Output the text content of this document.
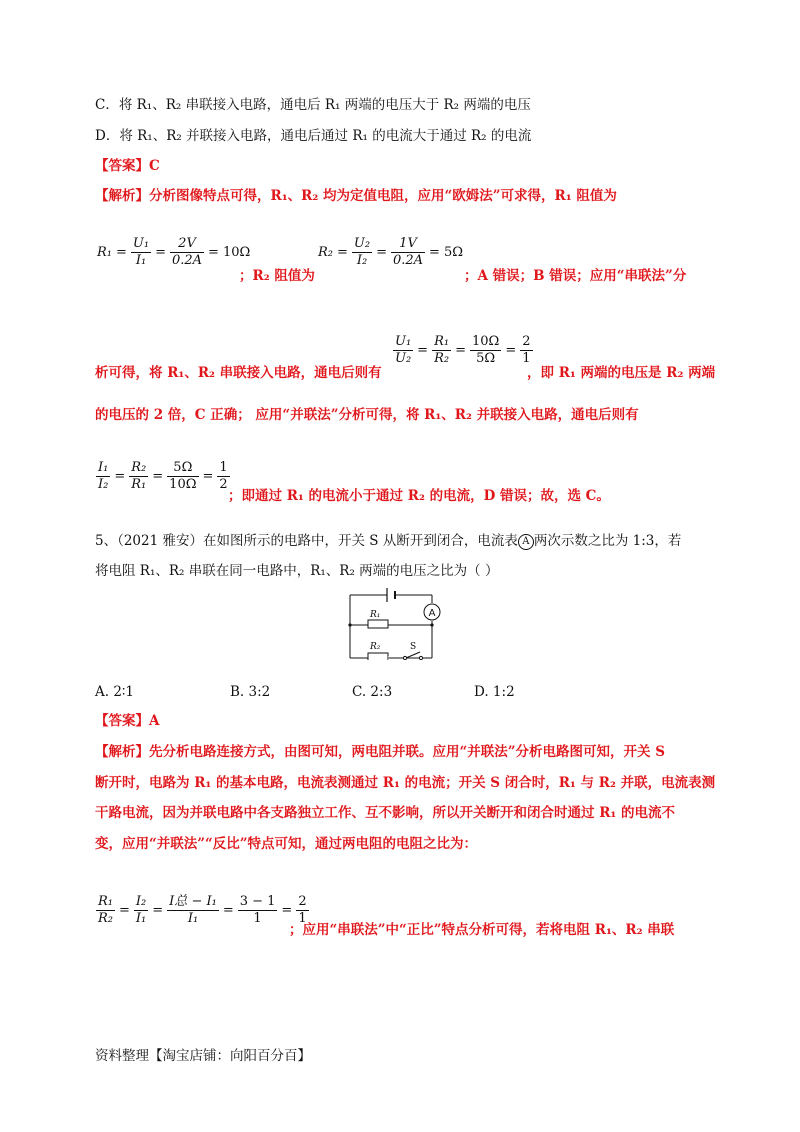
C．将 R₁、R₂ 串联接入电路，通电后 R₁ 两端的电压大于 R₂ 两端的电压
D．将 R₁、R₂ 并联接入电路，通电后通过 R₁ 的电流大于通过 R₂ 的电流
【答案】C
【解析】分析图像特点可得，R₁、R₂ 均为定值电阻，应用“欧姆法”可求得，R₁ 阻值为
$R_1 = \frac{\text{U₁}}{\text{I₁}} = \frac{2V}{0.2A} = 10\Omega$
；R₂ 阻值为
$R_2 = \frac{\text{U₂}}{\text{I₂}} = \frac{1V}{0.2A} = 5\Omega$
；A 错误；B 错误；应用“串联法”分
$\frac{\text{U₁}}{\text{U₂}} = \frac{\text{R₁}}{\text{R₂}} = \frac{10\Omega}{5\Omega} = \frac{2}{1}$
析可得，将 R₁、R₂ 串联接入电路，通电后则有	，即 R₁ 两端的电压是 R₂ 两端
的电压的 2 倍，C 正确； 应用“并联法”分析可得，将 R₁、R₂ 并联接入电路，通电后则有
$\frac{\text{I₁}}{\text{I₂}} = \frac{\text{R₂}}{\text{R₁}} = \frac{5\Omega}{10\Omega} = \frac{1}{2}$
；即通过 R₁ 的电流小于通过 R₂ 的电流，D 错误；故，选 C。
5、（2021 雅安）在如图所示的电路中，开关 S 从断开到闭合，电流表 A 两次示数之比为 1:3，若
将电阻 R₁、R₂ 串联在同一电路中，R₁、R₂ 两端的电压之比为（ ）
A
R₁
R₂	S
A. 2∶1	B. 3:2	C. 2:3	D. 1:2
【答案】A
【解析】先分析电路连接方式，由图可知，两电阻并联。应用“并联法”分析电路图可知，开关 S
断开时，电路为 R₁ 的基本电路，电流表测通过 R₁ 的电流；开关 S 闭合时，R₁ 与 R₂ 并联，电流表测
干路电流，因为并联电路中各支路独立工作、互不影响，所以开关断开和闭合时通过 R₁ 的电流不
变，应用“并联法”“反比”特点可知，通过两电阻的电阻之比为：
$\frac{\text{R₁}}{\text{R₂}} = \frac{\text{I₂}}{\text{I₁}} = \frac{\text{I总 − I₁}}{\text{I₁}} = \frac{3 - 1}{1} = \frac{2}{1}$
；应用“串联法”中“正比”特点分析可得，若将电阻 R₁、R₂ 串联
资料整理【淘宝店铺：向阳百分百】
